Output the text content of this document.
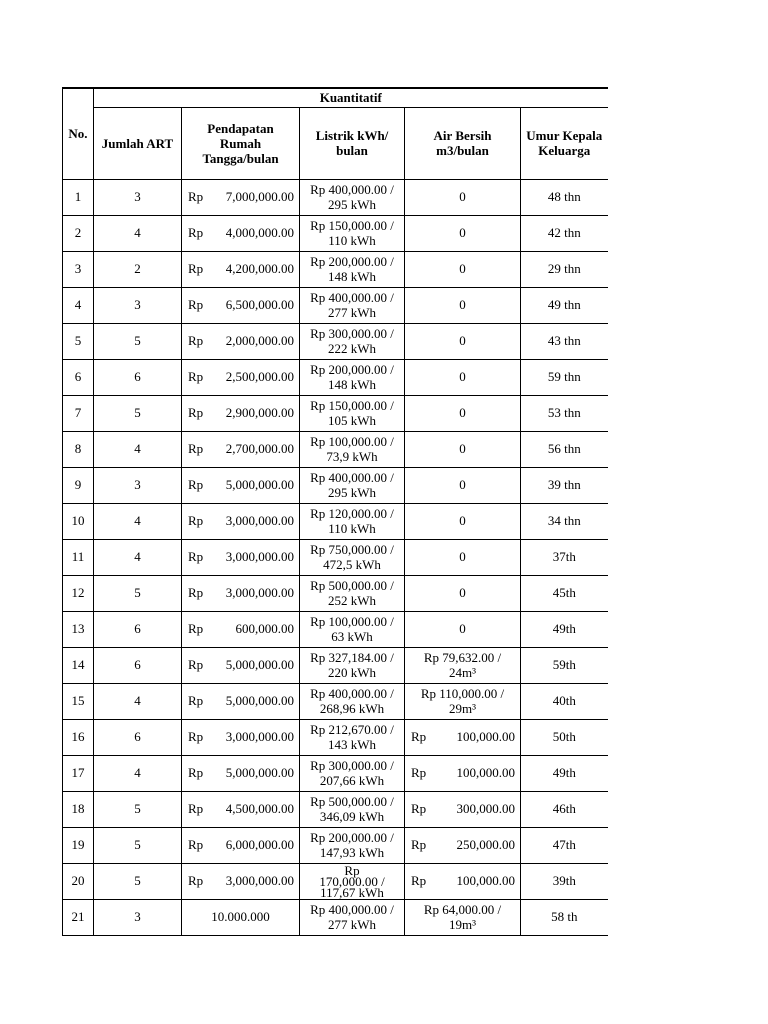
No.	Kuantitatif				
	Jumlah ART	Pendapatan
Rumah
Tangga/bulan	Listrik kWh/
bulan	Air Bersih
m3/bulan	Umur Kepala
Keluarga

1	3	Rp 7,000,000.00	Rp 400,000.00 /
295 kWh	0	48 thn
2	4	Rp 4,000,000.00	Rp 150,000.00 /
110 kWh	0	42 thn
3	2	Rp 4,200,000.00	Rp 200,000.00 /
148 kWh	0	29 thn
4	3	Rp 6,500,000.00	Rp 400,000.00 /
277 kWh	0	49 thn
5	5	Rp 2,000,000.00	Rp 300,000.00 /
222 kWh	0	43 thn
6	6	Rp 2,500,000.00	Rp 200,000.00 /
148 kWh	0	59 thn
7	5	Rp 2,900,000.00	Rp 150,000.00 /
105 kWh	0	53 thn
8	4	Rp 2,700,000.00	Rp 100,000.00 /
73,9 kWh	0	56 thn
9	3	Rp 5,000,000.00	Rp 400,000.00 /
295 kWh	0	39 thn
10	4	Rp 3,000,000.00	Rp 120,000.00 /
110 kWh	0	34 thn
11	4	Rp 3,000,000.00	Rp 750,000.00 /
472,5 kWh	0	37th
12	5	Rp 3,000,000.00	Rp 500,000.00 /
252 kWh	0	45th
13	6	Rp 600,000.00	Rp 100,000.00 /
63 kWh	0	49th
14	6	Rp 5,000,000.00	Rp 327,184.00 /
220 kWh	Rp 79,632.00 /
24m³	59th
15	4	Rp 5,000,000.00	Rp 400,000.00 /
268,96 kWh	Rp 110,000.00 /
29m³	40th
16	6	Rp 3,000,000.00	Rp 212,670.00 /
143 kWh	Rp 100,000.00	50th
17	4	Rp 5,000,000.00	Rp 300,000.00 /
207,66 kWh	Rp 100,000.00	49th
18	5	Rp 4,500,000.00	Rp 500,000.00 /
346,09 kWh	Rp 300,000.00	46th
19	5	Rp 6,000,000.00	Rp 200,000.00 /
147,93 kWh	Rp 250,000.00	47th
20	5	Rp 3,000,000.00	Rp
170,000.00 /
117,67 kWh	Rp 100,000.00	39th
21	3	10.000.000	Rp 400,000.00 /
277 kWh	Rp 64,000.00 /
19m³	58 th
